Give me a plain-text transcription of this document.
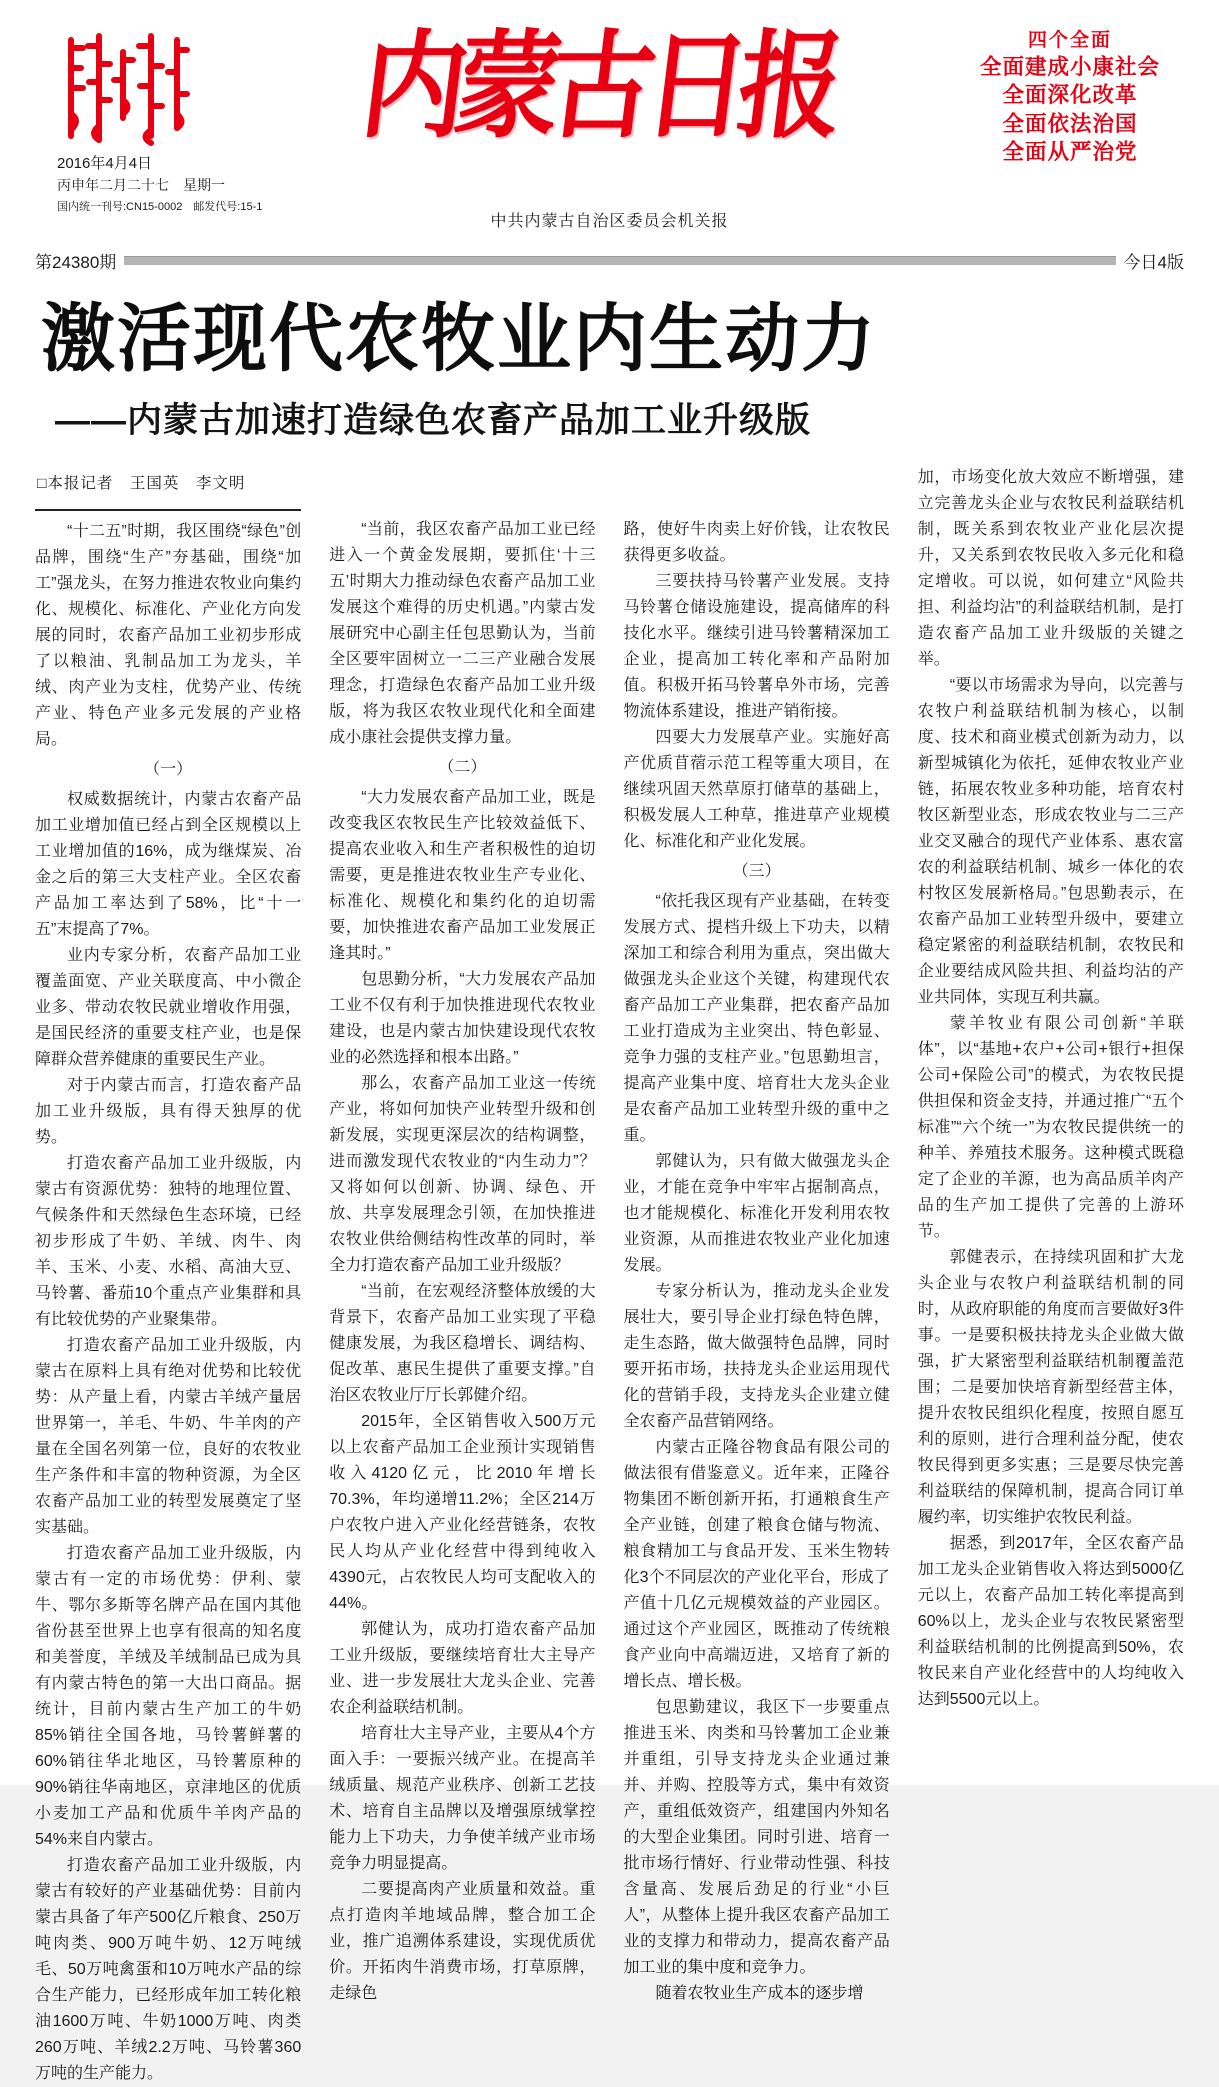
内蒙古日报
2016年4月4日
丙申年二月二十七　星期一
国内统一刊号:CN15-0002　邮发代号:15-1
中共内蒙古自治区委员会机关报
四个全面
全面建成小康社会
全面深化改革
全面依法治国
全面从严治党
第24380期	今日4版
激活现代农牧业内生动力
——内蒙古加速打造绿色农畜产品加工业升级版
□本报记者　王国英　李文明

“十二五”时期，我区围绕“绿色”创品牌，围绕“生产”夯基础，围绕“加工”强龙头，在努力推进农牧业向集约化、规模化、标准化、产业化方向发展的同时，农畜产品加工业初步形成了以粮油、乳制品加工为龙头，羊绒、肉产业为支柱，优势产业、传统产业、特色产业多元发展的产业格局。

（一）

权威数据统计，内蒙古农畜产品加工业增加值已经占到全区规模以上工业增加值的16%，成为继煤炭、冶金之后的第三大支柱产业。全区农畜产品加工率达到了58%，比“十一五”末提高了7%。

业内专家分析，农畜产品加工业覆盖面宽、产业关联度高、中小微企业多、带动农牧民就业增收作用强，是国民经济的重要支柱产业，也是保障群众营养健康的重要民生产业。

对于内蒙古而言，打造农畜产品加工业升级版，具有得天独厚的优势。

打造农畜产品加工业升级版，内蒙古有资源优势：独特的地理位置、气候条件和天然绿色生态环境，已经初步形成了牛奶、羊绒、肉牛、肉羊、玉米、小麦、水稻、高油大豆、马铃薯、番茄10个重点产业集群和具有比较优势的产业聚集带。

打造农畜产品加工业升级版，内蒙古在原料上具有绝对优势和比较优势：从产量上看，内蒙古羊绒产量居世界第一，羊毛、牛奶、牛羊肉的产量在全国名列第一位，良好的农牧业生产条件和丰富的物种资源，为全区农畜产品加工业的转型发展奠定了坚实基础。

打造农畜产品加工业升级版，内蒙古有一定的市场优势：伊利、蒙牛、鄂尔多斯等名牌产品在国内其他省份甚至世界上也享有很高的知名度和美誉度，羊绒及羊绒制品已成为具有内蒙古特色的第一大出口商品。据统计，目前内蒙古生产加工的牛奶85%销往全国各地，马铃薯鲜薯的60%销往华北地区，马铃薯原种的90%销往华南地区，京津地区的优质小麦加工产品和优质牛羊肉产品的54%来自内蒙古。

打造农畜产品加工业升级版，内蒙古有较好的产业基础优势：目前内蒙古具备了年产500亿斤粮食、250万吨肉类、900万吨牛奶、12万吨绒毛、50万吨禽蛋和10万吨水产品的综合生产能力，已经形成年加工转化粮油1600万吨、牛奶1000万吨、肉类260万吨、羊绒2.2万吨、马铃薯360万吨的生产能力。

“当前，我区农畜产品加工业已经进入一个黄金发展期，要抓住‘十三五’时期大力推动绿色农畜产品加工业发展这个难得的历史机遇。”内蒙古发展研究中心副主任包思勤认为，当前全区要牢固树立一二三产业融合发展理念，打造绿色农畜产品加工业升级版，将为我区农牧业现代化和全面建成小康社会提供支撑力量。

（二）

“大力发展农畜产品加工业，既是改变我区农牧民生产比较效益低下、提高农业收入和生产者积极性的迫切需要，更是推进农牧业生产专业化、标准化、规模化和集约化的迫切需要，加快推进农畜产品加工业发展正逢其时。”

包思勤分析，“大力发展农产品加工业不仅有利于加快推进现代农牧业建设，也是内蒙古加快建设现代农牧业的必然选择和根本出路。”

那么，农畜产品加工业这一传统产业，将如何加快产业转型升级和创新发展，实现更深层次的结构调整，进而激发现代农牧业的“内生动力”？又将如何以创新、协调、绿色、开放、共享发展理念引领，在加快推进农牧业供给侧结构性改革的同时，举全力打造农畜产品加工业升级版？

“当前，在宏观经济整体放缓的大背景下，农畜产品加工业实现了平稳健康发展，为我区稳增长、调结构、促改革、惠民生提供了重要支撑。”自治区农牧业厅厅长郭健介绍。

2015年，全区销售收入500万元以上农畜产品加工企业预计实现销售收入4120亿元，比2010年增长70.3%，年均递增11.2%；全区214万户农牧户进入产业化经营链条，农牧民人均从产业化经营中得到纯收入4390元，占农牧民人均可支配收入的44%。

郭健认为，成功打造农畜产品加工业升级版，要继续培育壮大主导产业、进一步发展壮大龙头企业、完善农企利益联结机制。

培育壮大主导产业，主要从4个方面入手：一要振兴绒产业。在提高羊绒质量、规范产业秩序、创新工艺技术、培育自主品牌以及增强原绒掌控能力上下功夫，力争使羊绒产业市场竞争力明显提高。

二要提高肉产业质量和效益。重点打造肉羊地域品牌，整合加工企业，推广追溯体系建设，实现优质优价。开拓肉牛消费市场，打草原牌，走绿色

路，使好牛肉卖上好价钱，让农牧民获得更多收益。

三要扶持马铃薯产业发展。支持马铃薯仓储设施建设，提高储库的科技化水平。继续引进马铃薯精深加工企业，提高加工转化率和产品附加值。积极开拓马铃薯阜外市场，完善物流体系建设，推进产销衔接。

四要大力发展草产业。实施好高产优质苜蓿示范工程等重大项目，在继续巩固天然草原打储草的基础上，积极发展人工种草，推进草产业规模化、标准化和产业化发展。

（三）

“依托我区现有产业基础，在转变发展方式、提档升级上下功夫，以精深加工和综合利用为重点，突出做大做强龙头企业这个关键，构建现代农畜产品加工产业集群，把农畜产品加工业打造成为主业突出、特色彰显、竞争力强的支柱产业。”包思勤坦言，提高产业集中度、培育壮大龙头企业是农畜产品加工业转型升级的重中之重。

郭健认为，只有做大做强龙头企业，才能在竞争中牢牢占据制高点，也才能规模化、标准化开发利用农牧业资源，从而推进农牧业产业化加速发展。

专家分析认为，推动龙头企业发展壮大，要引导企业打绿色特色牌，走生态路，做大做强特色品牌，同时要开拓市场，扶持龙头企业运用现代化的营销手段，支持龙头企业建立健全农畜产品营销网络。

内蒙古正隆谷物食品有限公司的做法很有借鉴意义。近年来，正隆谷物集团不断创新开拓，打通粮食生产全产业链，创建了粮食仓储与物流、粮食精加工与食品开发、玉米生物转化3个不同层次的产业化平台，形成了产值十几亿元规模效益的产业园区。通过这个产业园区，既推动了传统粮食产业向中高端迈进，又培育了新的增长点、增长极。

包思勤建议，我区下一步要重点推进玉米、肉类和马铃薯加工企业兼并重组，引导支持龙头企业通过兼并、并购、控股等方式，集中有效资产，重组低效资产，组建国内外知名的大型企业集团。同时引进、培育一批市场行情好、行业带动性强、科技含量高、发展后劲足的行业“小巨人”，从整体上提升我区农畜产品加工业的支撑力和带动力，提高农畜产品加工业的集中度和竞争力。

随着农牧业生产成本的逐步增

加，市场变化放大效应不断增强，建立完善龙头企业与农牧民利益联结机制，既关系到农牧业产业化层次提升，又关系到农牧民收入多元化和稳定增收。可以说，如何建立“风险共担、利益均沾”的利益联结机制，是打造农畜产品加工业升级版的关键之举。

“要以市场需求为导向，以完善与农牧户利益联结机制为核心，以制度、技术和商业模式创新为动力，以新型城镇化为依托，延伸农牧业产业链，拓展农牧业多种功能，培育农村牧区新型业态，形成农牧业与二三产业交叉融合的现代产业体系、惠农富农的利益联结机制、城乡一体化的农村牧区发展新格局。”包思勤表示，在农畜产品加工业转型升级中，要建立稳定紧密的利益联结机制，农牧民和企业要结成风险共担、利益均沾的产业共同体，实现互利共赢。

蒙羊牧业有限公司创新“羊联体”，以“基地+农户+公司+银行+担保公司+保险公司”的模式，为农牧民提供担保和资金支持，并通过推广“五个标准”“六个统一”为农牧民提供统一的种羊、养殖技术服务。这种模式既稳定了企业的羊源，也为高品质羊肉产品的生产加工提供了完善的上游环节。

郭健表示，在持续巩固和扩大龙头企业与农牧户利益联结机制的同时，从政府职能的角度而言要做好3件事。一是要积极扶持龙头企业做大做强，扩大紧密型利益联结机制覆盖范围；二是要加快培育新型经营主体，提升农牧民组织化程度，按照自愿互利的原则，进行合理利益分配，使农牧民得到更多实惠；三是要尽快完善利益联结的保障机制，提高合同订单履约率，切实维护农牧民利益。

据悉，到2017年，全区农畜产品加工龙头企业销售收入将达到5000亿元以上，农畜产品加工转化率提高到60%以上，龙头企业与农牧民紧密型利益联结机制的比例提高到50%，农牧民来自产业化经营中的人均纯收入达到5500元以上。
